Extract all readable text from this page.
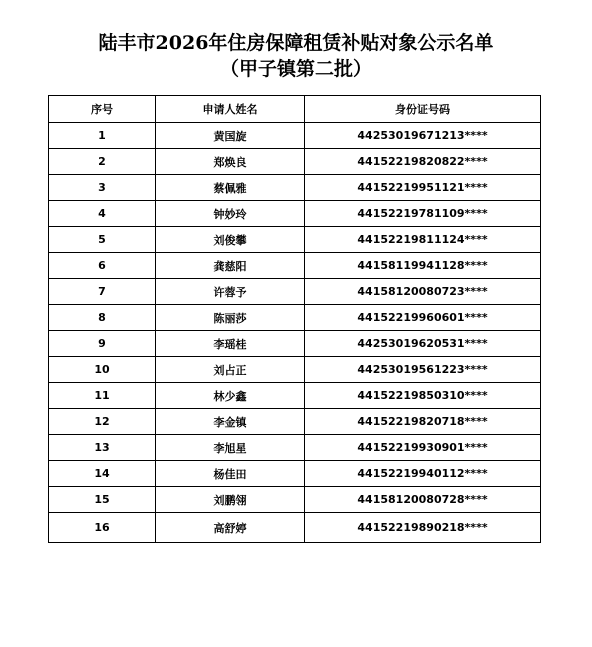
陆丰市2026年住房保障租赁补贴对象公示名单
（甲子镇第二批）
序号	申请人姓名	身份证号码
1	黄国旋	44253019671213****
2	郑焕良	44152219820822****
3	蔡佩雅	44152219951121****
4	钟妙玲	44152219781109****
5	刘俊攀	44152219811124****
6	龚慈阳	44158119941128****
7	许蓉予	44158120080723****
8	陈丽莎	44152219960601****
9	李瑶桂	44253019620531****
10	刘占正	44253019561223****
11	林少鑫	44152219850310****
12	李金镇	44152219820718****
13	李旭星	44152219930901****
14	杨佳田	44152219940112****
15	刘鹏翎	44158120080728****
16	高舒婷	44152219890218****
